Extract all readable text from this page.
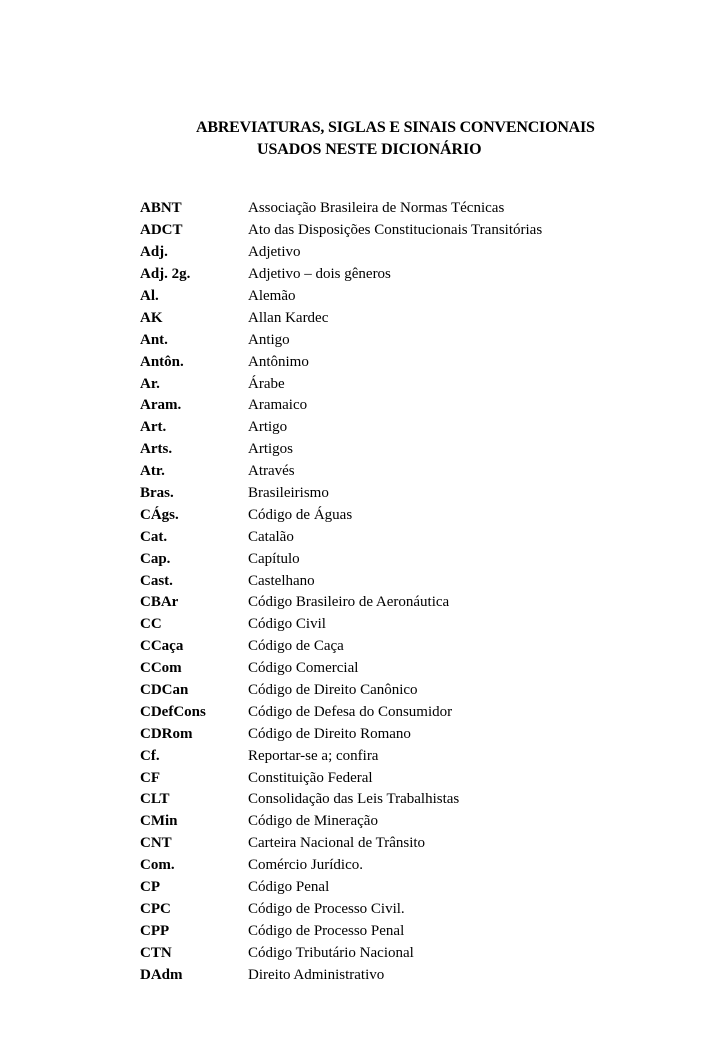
ABREVIATURAS, SIGLAS E SINAIS CONVENCIONAIS
USADOS NESTE DICIONÁRIO
ABNT	Associação Brasileira de Normas Técnicas
ADCT	Ato das Disposições Constitucionais Transitórias
Adj.	Adjetivo
Adj. 2g.	Adjetivo – dois gêneros
Al.	Alemão
AK	Allan Kardec
Ant.	Antigo
Antôn.	Antônimo
Ar.	Árabe
Aram.	Aramaico
Art.	Artigo
Arts.	Artigos
Atr.	Através
Bras.	Brasileirismo
CÁgs.	Código de Águas
Cat.	Catalão
Cap.	Capítulo
Cast.	Castelhano
CBAr	Código Brasileiro de Aeronáutica
CC	Código Civil
CCaça	Código de Caça
CCom	Código Comercial
CDCan	Código de Direito Canônico
CDefCons	Código de Defesa do Consumidor
CDRom	Código de Direito Romano
Cf.	Reportar-se a; confira
CF	Constituição Federal
CLT	Consolidação das Leis Trabalhistas
CMin	Código de Mineração
CNT	Carteira Nacional de Trânsito
Com.	Comércio Jurídico.
CP	Código Penal
CPC	Código de Processo Civil.
CPP	Código de Processo Penal
CTN	Código Tributário Nacional
DAdm	Direito Administrativo
